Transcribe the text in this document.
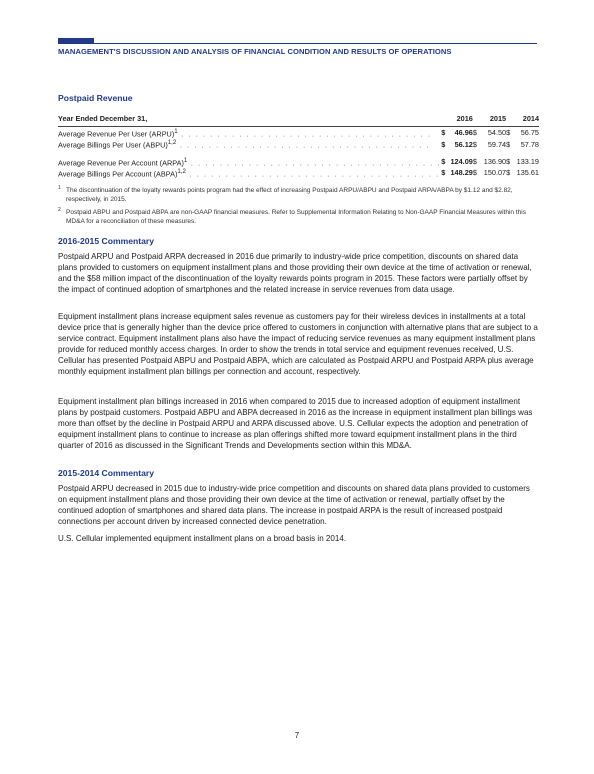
MANAGEMENT'S DISCUSSION AND ANALYSIS OF FINANCIAL CONDITION AND RESULTS OF OPERATIONS
Postpaid Revenue
Year Ended December 31,		2016		2015		2014
Average Revenue Per User (ARPU)$^1$ . . . . . . . . . . . . . . . . . . . . . . . . . . . . . . . . . . .	$	46.96	$	54.50	$	56.75
Average Billings Per User (ABPU)$^{1,2}$ . . . . . . . . . . . . . . . . . . . . . . . . . . . . . . . . . . .	$	56.12	$	59.74	$	57.78

Average Revenue Per Account (ARPA)$^1$ . . . . . . . . . . . . . . . . . . . . . . . . . . . . . . . . . . .	$	124.09	$	136.90	$	133.19
Average Billings Per Account (ABPA)$^{1,2}$ . . . . . . . . . . . . . . . . . . . . . . . . . . . . . . . . . . .	$	148.29	$	150.07	$	135.61
1 The discontinuation of the loyalty rewards points program had the effect of increasing Postpaid ARPU/ABPU and Postpaid ARPA/ABPA by $1.12 and $2.82, respectively, in 2015.
2 Postpaid ABPU and Postpaid ABPA are non-GAAP financial measures. Refer to Supplemental Information Relating to Non-GAAP Financial Measures within this MD&A for a reconciliation of these measures.
2016-2015 Commentary
Postpaid ARPU and Postpaid ARPA decreased in 2016 due primarily to industry-wide price competition, discounts on shared data plans provided to customers on equipment installment plans and those providing their own device at the time of activation or renewal, and the $58 million impact of the discontinuation of the loyalty rewards points program in 2015. These factors were partially offset by the impact of continued adoption of smartphones and the related increase in service revenues from data usage.
Equipment installment plans increase equipment sales revenue as customers pay for their wireless devices in installments at a total device price that is generally higher than the device price offered to customers in conjunction with alternative plans that are subject to a service contract. Equipment installment plans also have the impact of reducing service revenues as many equipment installment plans provide for reduced monthly access charges. In order to show the trends in total service and equipment revenues received, U.S. Cellular has presented Postpaid ABPU and Postpaid ABPA, which are calculated as Postpaid ARPU and Postpaid ARPA plus average monthly equipment installment plan billings per connection and account, respectively.
Equipment installment plan billings increased in 2016 when compared to 2015 due to increased adoption of equipment installment plans by postpaid customers. Postpaid ABPU and ABPA decreased in 2016 as the increase in equipment installment plan billings was more than offset by the decline in Postpaid ARPU and ARPA discussed above. U.S. Cellular expects the adoption and penetration of equipment installment plans to continue to increase as plan offerings shifted more toward equipment installment plans in the third quarter of 2016 as discussed in the Significant Trends and Developments section within this MD&A.
2015-2014 Commentary
Postpaid ARPU decreased in 2015 due to industry-wide price competition and discounts on shared data plans provided to customers on equipment installment plans and those providing their own device at the time of activation or renewal, partially offset by the continued adoption of smartphones and shared data plans. The increase in postpaid ARPA is the result of increased postpaid connections per account driven by increased connected device penetration.
U.S. Cellular implemented equipment installment plans on a broad basis in 2014.
7
